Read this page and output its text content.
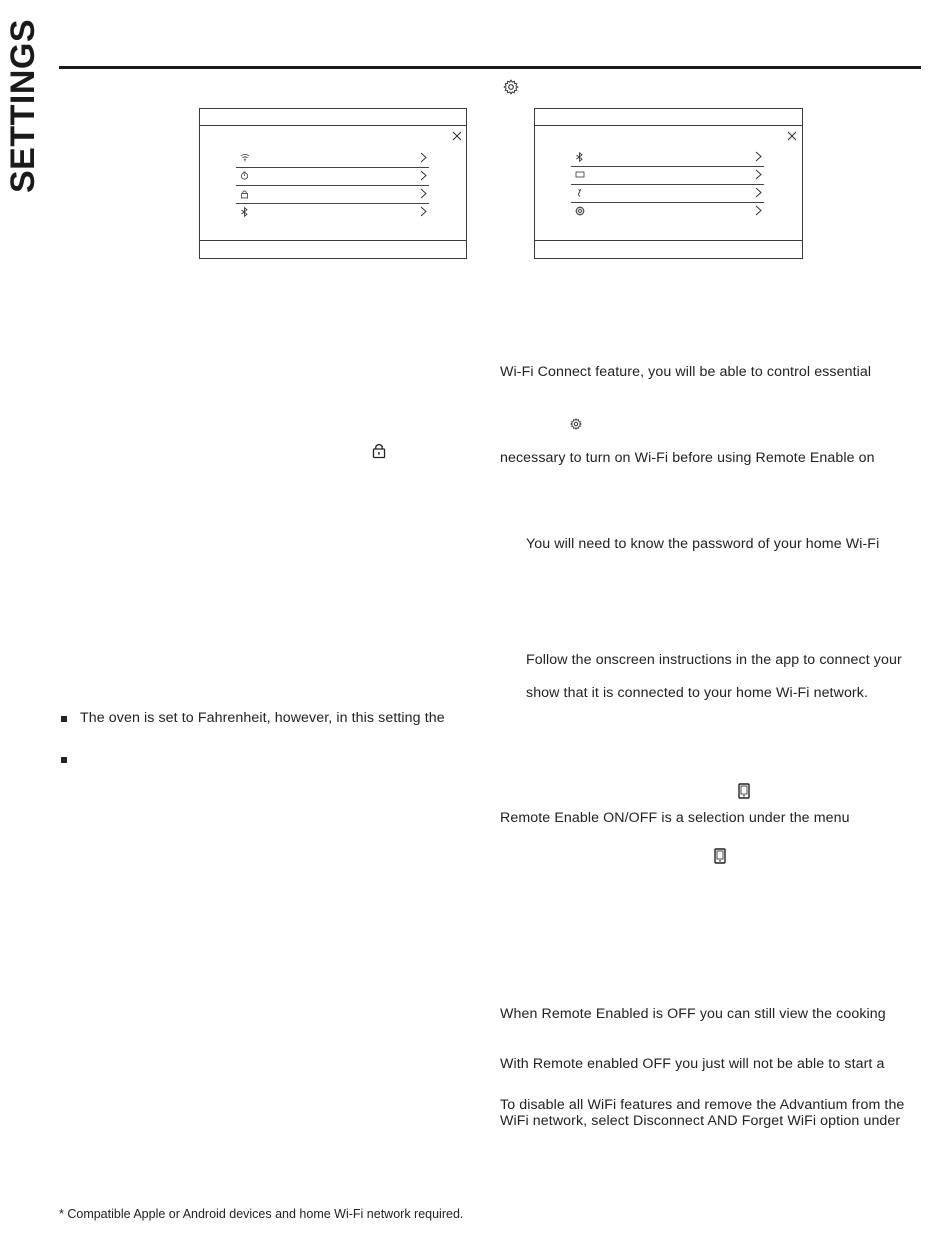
SETTINGS
The oven is set to Fahrenheit, however, in this setting the
Wi-Fi Connect feature, you will be able to control essential
necessary to turn on Wi-Fi before using Remote Enable on
You will need to know the password of your home Wi-Fi
Follow the onscreen instructions in the app to connect your
show that it is connected to your home Wi-Fi network.
Remote Enable ON/OFF is a selection under the menu
When Remote Enabled is OFF you can still view the cooking
With Remote enabled OFF you just will not be able to start a
To disable all WiFi features and remove the Advantium from the
WiFi network, select Disconnect AND Forget WiFi option under
* Compatible Apple or Android devices and home Wi-Fi network required.
